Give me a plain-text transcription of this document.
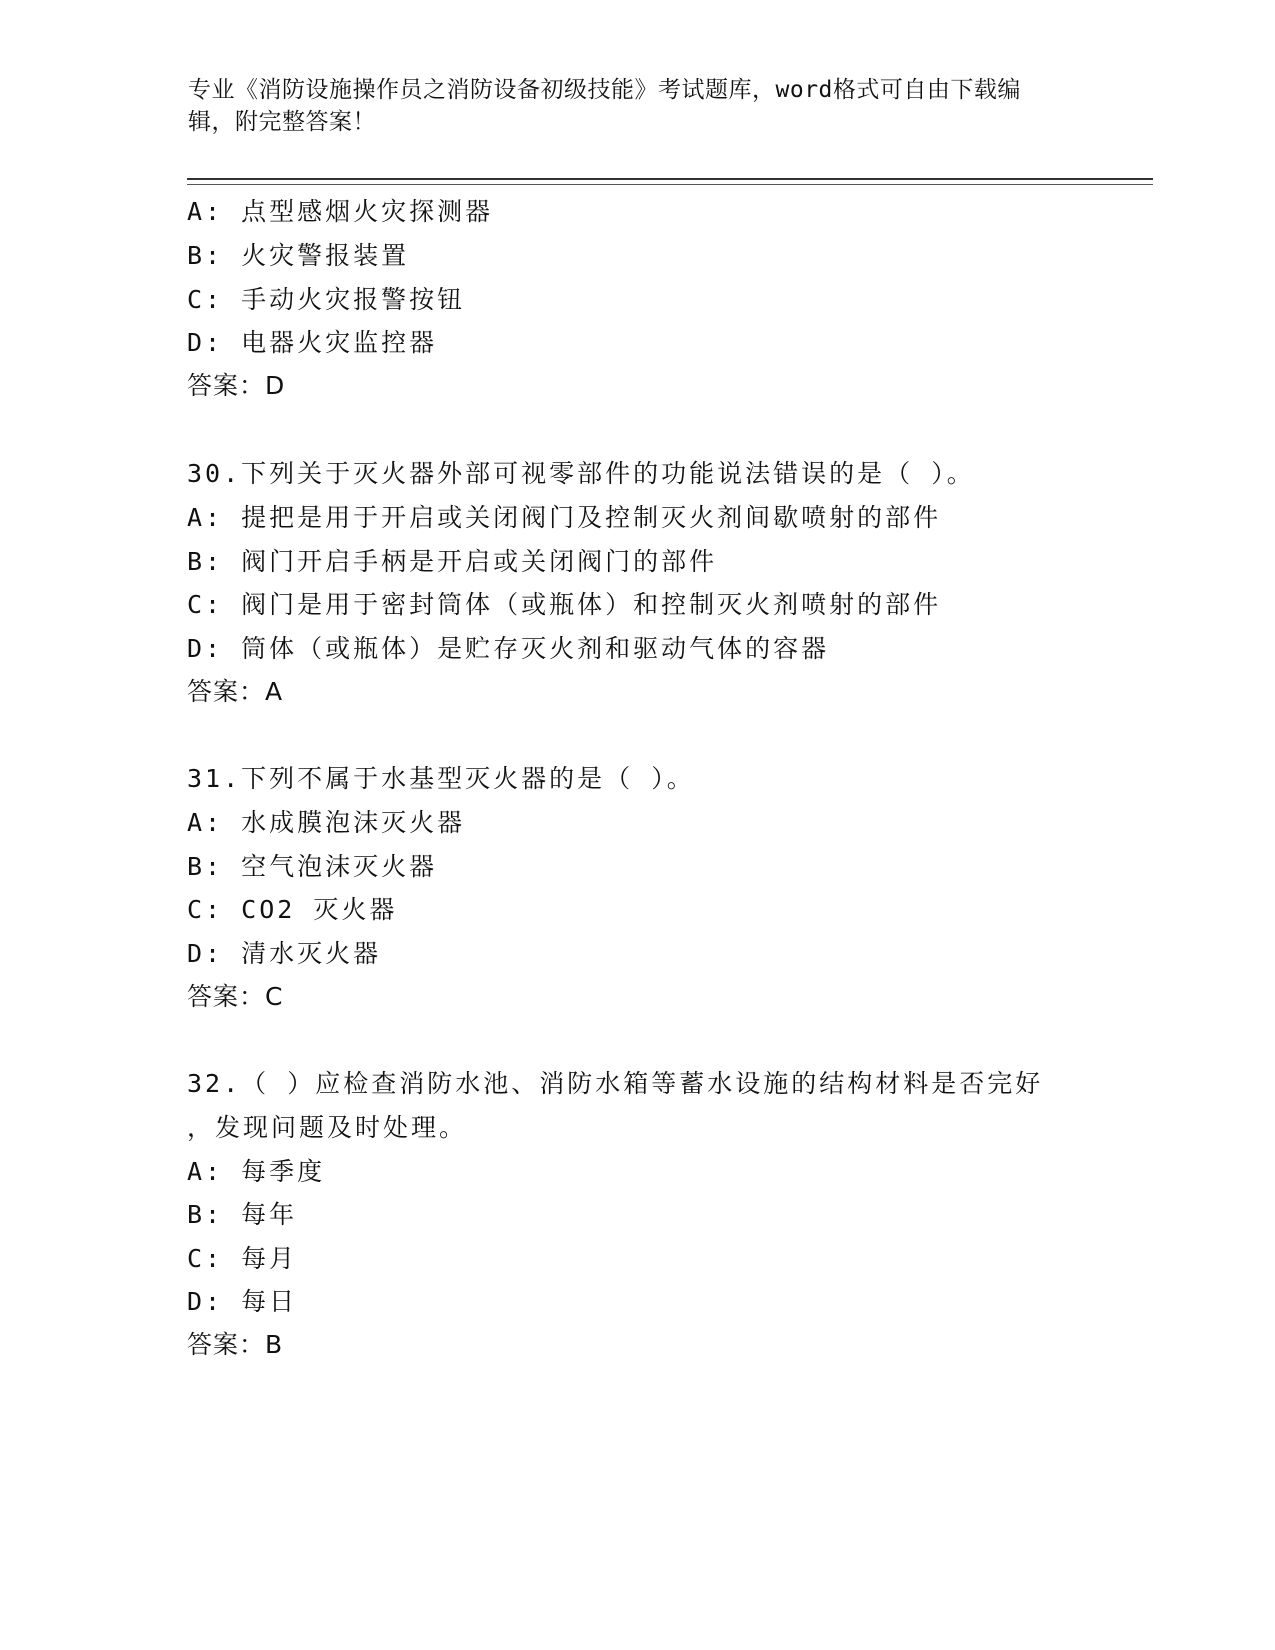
专业《消防设施操作员之消防设备初级技能》考试题库，word格式可自由下载编
辑，附完整答案！
A: 点型感烟火灾探测器
B: 火灾警报装置
C: 手动火灾报警按钮
D: 电器火灾监控器
答案：D
30.下列关于灭火器外部可视零部件的功能说法错误的是（ ）。
A: 提把是用于开启或关闭阀门及控制灭火剂间歇喷射的部件
B: 阀门开启手柄是开启或关闭阀门的部件
C: 阀门是用于密封筒体（或瓶体）和控制灭火剂喷射的部件
D: 筒体（或瓶体）是贮存灭火剂和驱动气体的容器
答案：A
31.下列不属于水基型灭火器的是（ ）。
A: 水成膜泡沫灭火器
B: 空气泡沫灭火器
C: CO2 灭火器
D: 清水灭火器
答案：C
32.（ ）应检查消防水池、消防水箱等蓄水设施的结构材料是否完好
，发现问题及时处理。
A: 每季度
B: 每年
C: 每月
D: 每日
答案：B
